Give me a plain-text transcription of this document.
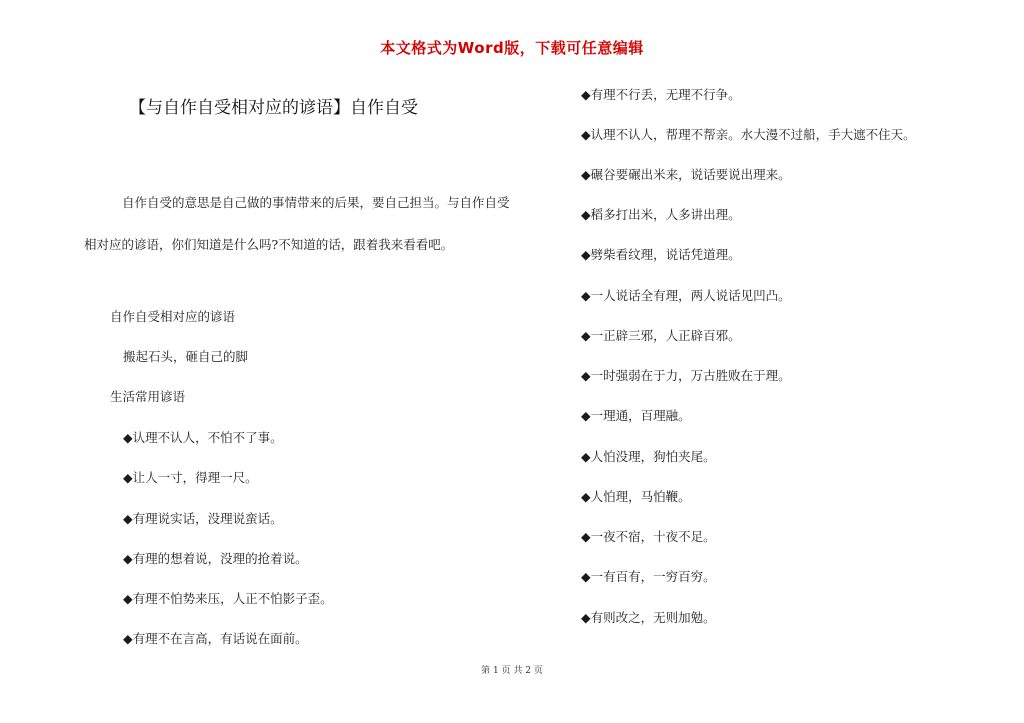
本文格式为Word版，下载可任意编辑
【与自作自受相对应的谚语】自作自受

自作自受的意思是自己做的事情带来的后果，要自己担当。与自作自受相对应的谚语，你们知道是什么吗?不知道的话，跟着我来看看吧。

自作自受相对应的谚语
搬起石头，砸自己的脚
生活常用谚语
◆认理不认人，不怕不了事。
◆让人一寸，得理一尺。
◆有理说实话，没理说蛮话。
◆有理的想着说，没理的抢着说。
◆有理不怕势来压，人正不怕影子歪。
◆有理不在言高，有话说在面前。
◆有理不行丢，无理不行争。
◆认理不认人，帮理不帮亲。水大漫不过船，手大遮不住天。
◆碾谷要碾出米来，说话要说出理来。
◆稻多打出米，人多讲出理。
◆劈柴看纹理，说话凭道理。
◆一人说话全有理，两人说话见凹凸。
◆一正辟三邪，人正辟百邪。
◆一时强弱在于力，万古胜败在于理。
◆一理通，百理融。
◆人怕没理，狗怕夹尾。
◆人怕理，马怕鞭。
◆一夜不宿，十夜不足。
◆一有百有，一穷百穷。
◆有则改之，无则加勉。
第 1 页 共 2 页
